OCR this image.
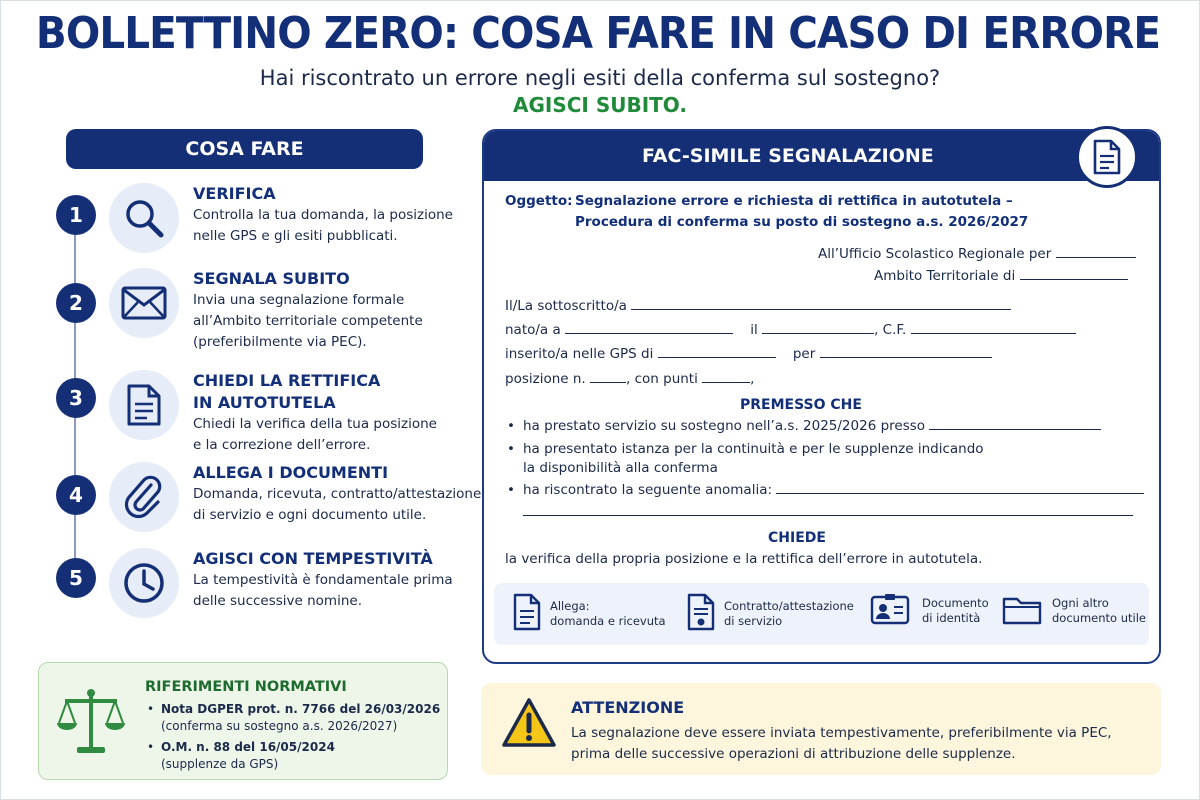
BOLLETTINO ZERO: COSA FARE IN CASO DI ERRORE
Hai riscontrato un errore negli esiti della conferma sul sostegno?
AGISCI SUBITO.
COSA FARE
1
VERIFICA
Controlla la tua domanda, la posizione
nelle GPS e gli esiti pubblicati.
2
SEGNALA SUBITO
Invia una segnalazione formale
all’Ambito territoriale competente
(preferibilmente via PEC).
3
CHIEDI LA RETTIFICA
IN AUTOTUTELA
Chiedi la verifica della tua posizione
e la correzione dell’errore.
4
ALLEGA I DOCUMENTI
Domanda, ricevuta, contratto/attestazione
di servizio e ogni documento utile.
5
AGISCI CON TEMPESTIVITÀ
La tempestività è fondamentale prima
delle successive nomine.
RIFERIMENTI NORMATIVI
• Nota DGPER prot. n. 7766 del 26/03/2026
(conferma su sostegno a.s. 2026/2027)
• O.M. n. 88 del 16/05/2024
(supplenze da GPS)
FAC-SIMILE SEGNALAZIONE
Oggetto: Segnalazione errore e richiesta di rettifica in autotutela –
Procedura di conferma su posto di sostegno a.s. 2026/2027
All’Ufficio Scolastico Regionale per
Ambito Territoriale di
Il/La sottoscritto/a
nato/a a	il	, C.F.
inserito/a nelle GPS di	per
posizione n.	, con punti	,
PREMESSO CHE
• ha prestato servizio su sostegno nell’a.s. 2025/2026 presso
• ha presentato istanza per la continuità e per le supplenze indicando
la disponibilità alla conferma
• ha riscontrato la seguente anomalia:
CHIEDE
la verifica della propria posizione e la rettifica dell’errore in autotutela.
Allega:
domanda e ricevuta
Contratto/attestazione
di servizio
Documento
di identità
Ogni altro
documento utile
ATTENZIONE
La segnalazione deve essere inviata tempestivamente, preferibilmente via PEC,
prima delle successive operazioni di attribuzione delle supplenze.
